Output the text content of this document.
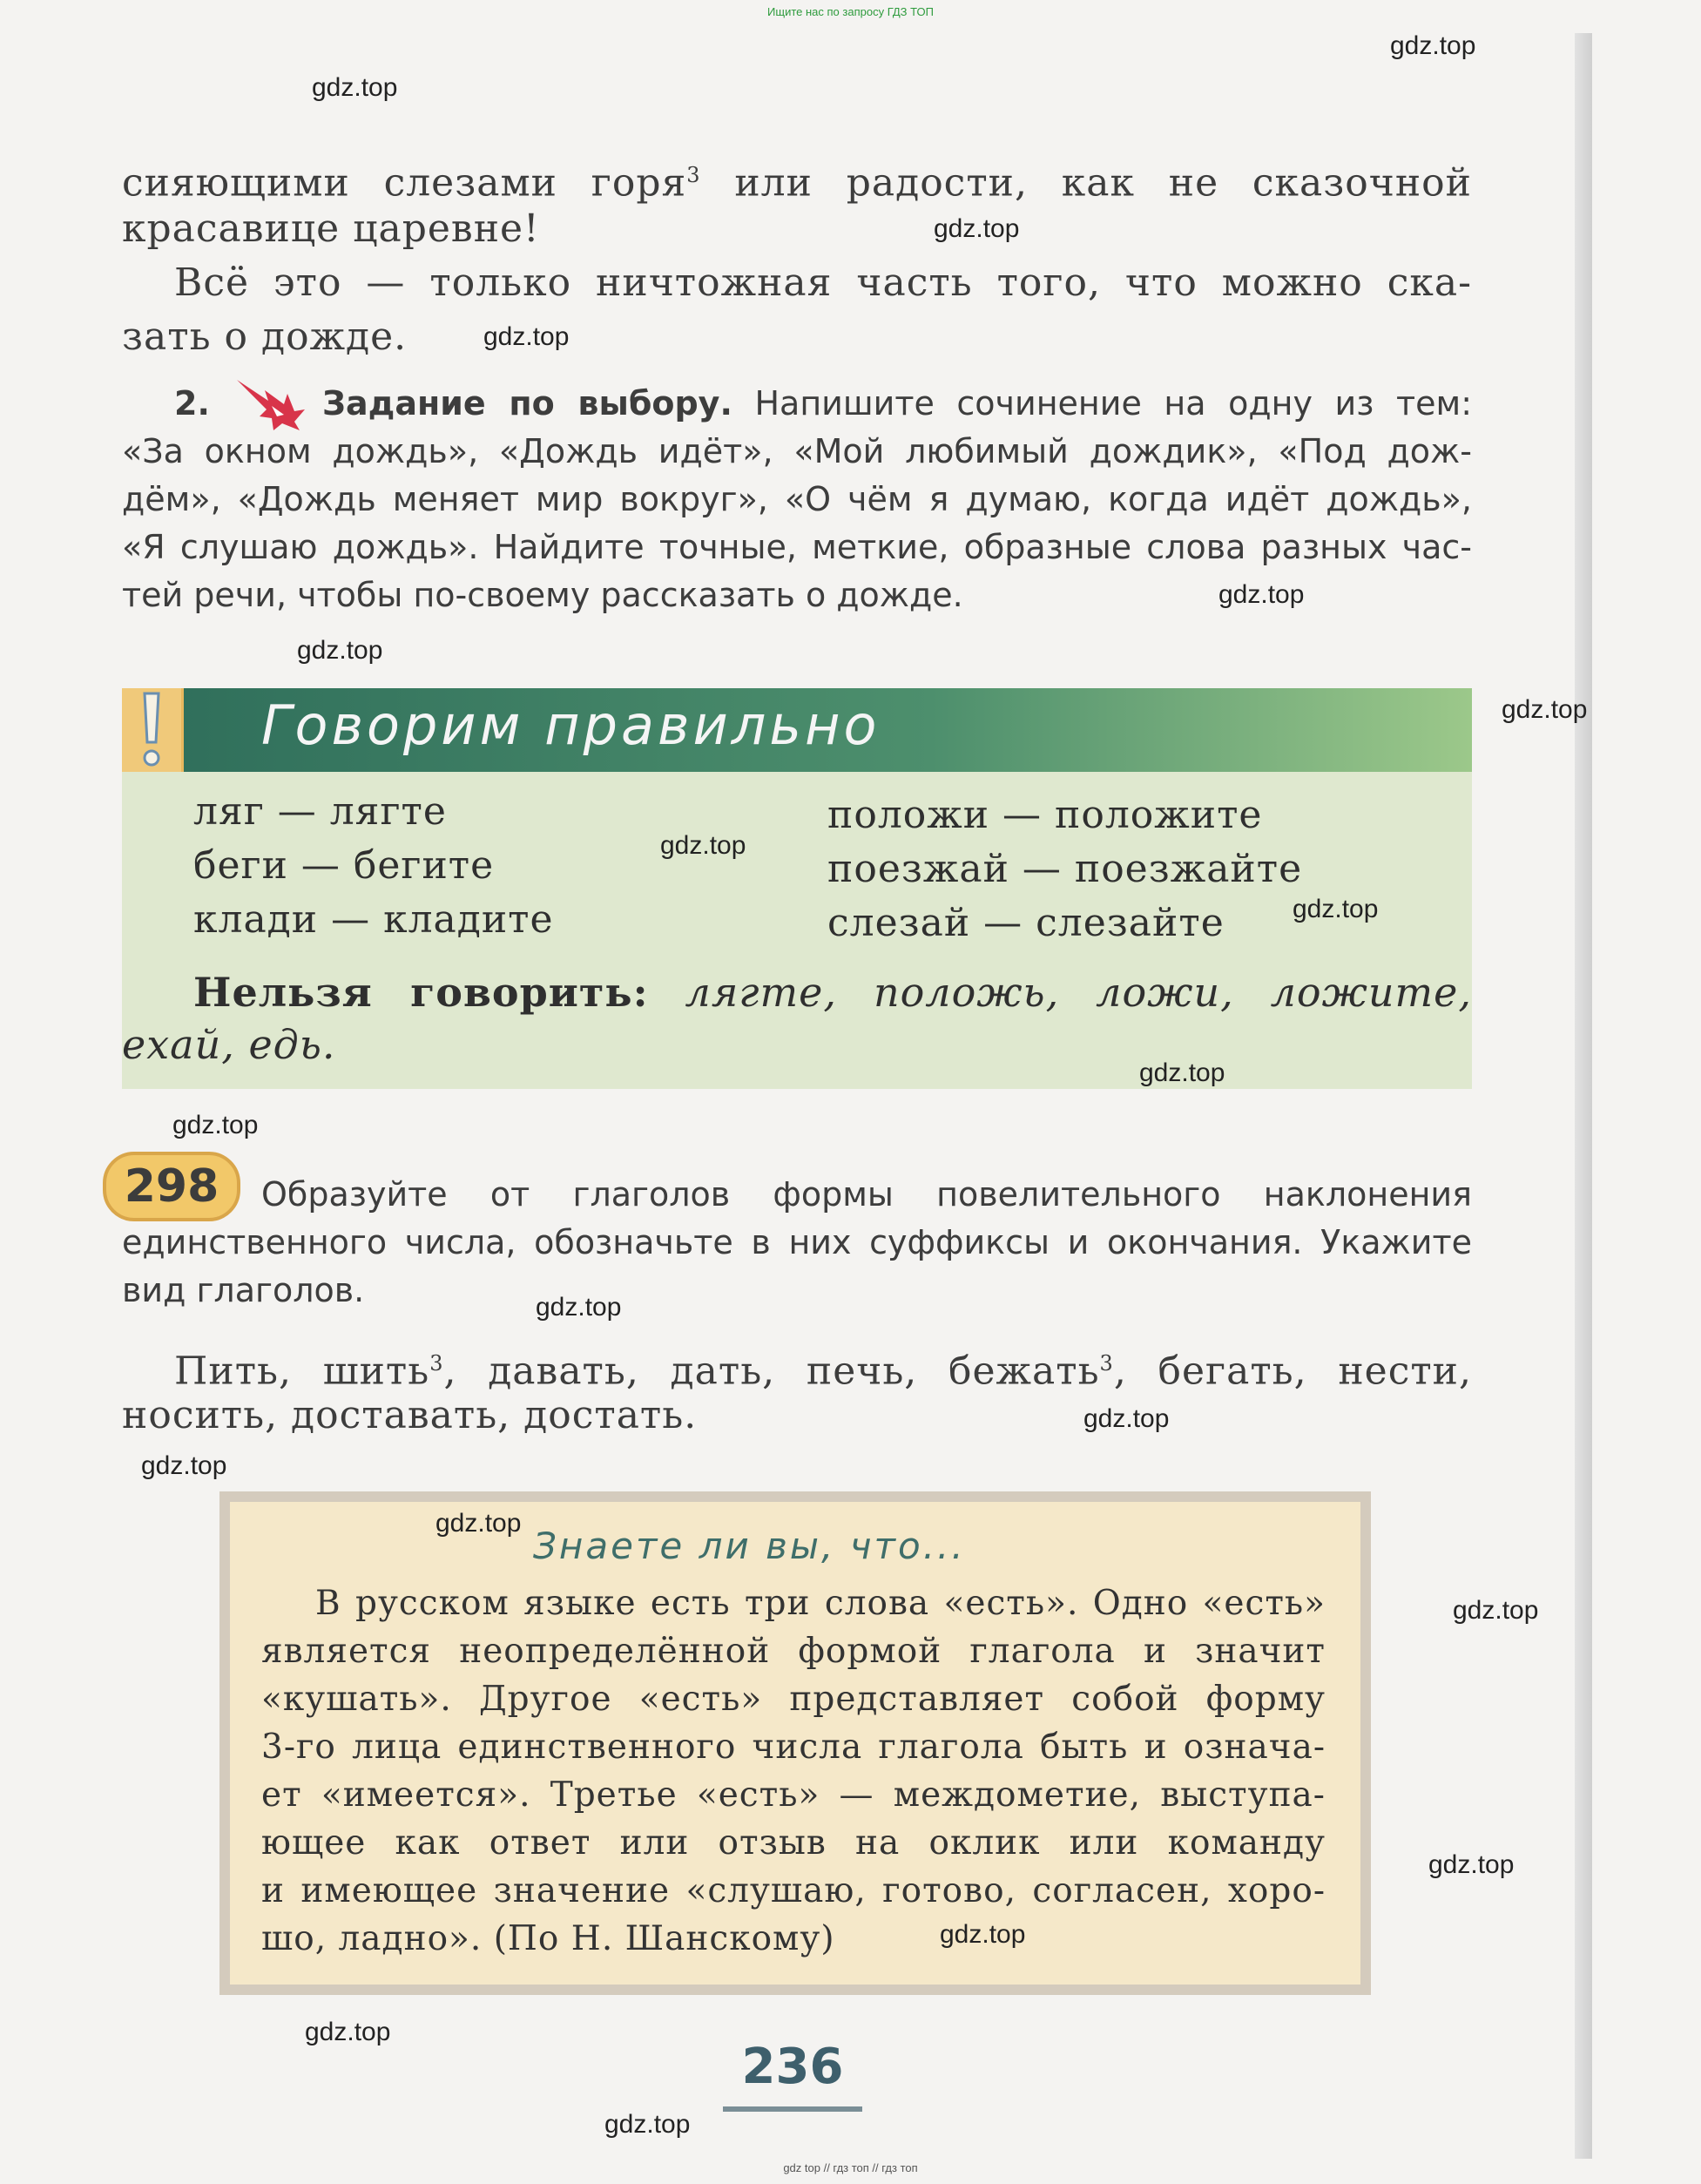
Ищите нас по запросу ГДЗ ТОП
сияющими слезами горя$^3$ или радости, как не сказочной
красавице царевне!
Всё это — только ничтожная часть того, что можно ска-
зать о дожде.
2.	Задание по выбору. Напишите сочинение на одну из тем:
«За окном дождь», «Дождь идёт», «Мой любимый дождик», «Под дож-
дём», «Дождь меняет мир вокруг», «О чём я думаю, когда идёт дождь»,
«Я слушаю дождь». Найдите точные, меткие, образные слова разных час-
тей речи, чтобы по-своему рассказать о дожде.
Говорим правильно
ляг — лягте
беги — бегите
клади — кладите
положи — положите
поезжай — поезжайте
слезай — слезайте
Нельзя говорить: лягте, положь, ложи, ложите,
ехай, едь.
298	Образуйте от глаголов формы повелительного наклонения
единственного числа, обозначьте в них суффиксы и окончания. Укажите
вид глаголов.
Пить, шить$^3$, давать, дать, печь, бежать$^3$, бегать, нести,
носить, доставать, достать.
Знаете ли вы, что...
В русском языке есть три слова «есть». Одно «есть»
является неопределённой формой глагола и значит
«кушать». Другое «есть» представляет собой форму
3-го лица единственного числа глагола быть и означа-
ет «имеется». Третье «есть» — междометие, выступа-
ющее как ответ или отзыв на оклик или команду
и имеющее значение «слушаю, готово, согласен, хоро-
шо, ладно». (По Н. Шанскому)
236
gdz.top
gdz.top
gdz.top
gdz.top
gdz.top
gdz.top
gdz.top
gdz.top
gdz.top
gdz.top
gdz.top
gdz.top
gdz.top
gdz.top
gdz.top
gdz.top
gdz.top
gdz.top
gdz.top
gdz.top
gdz top // гдз топ // гдз топ
